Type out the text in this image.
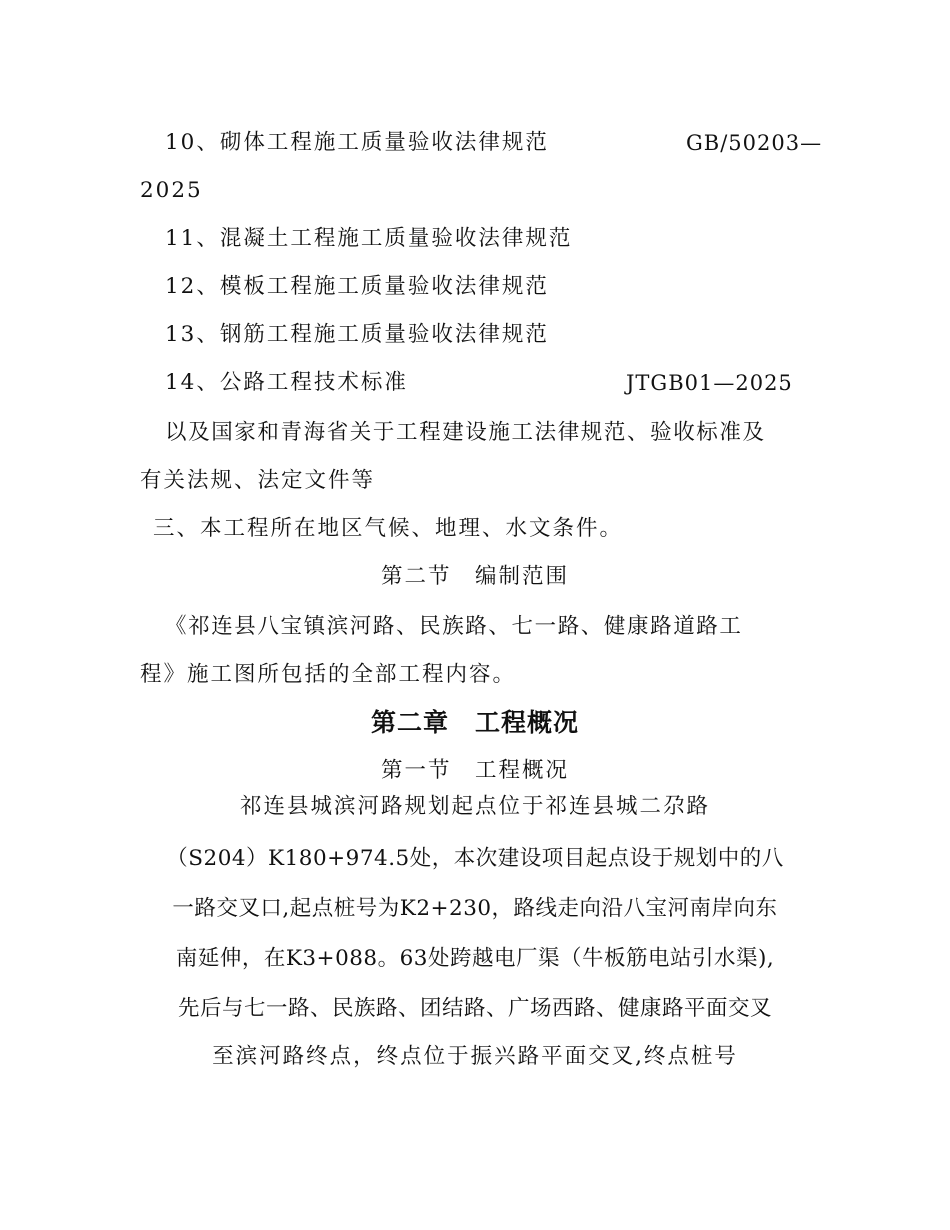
10、砌体工程施工质量验收法律规范	GB/50203—
2025
11、混凝土工程施工质量验收法律规范
12、模板工程施工质量验收法律规范
13、钢筋工程施工质量验收法律规范
14、公路工程技术标准	JTGB01—2025
以及国家和青海省关于工程建设施工法律规范、验收标准及
有关法规、法定文件等
三、本工程所在地区气候、地理、水文条件。
第二节　编制范围
《祁连县八宝镇滨河路、民族路、七一路、健康路道路工
程》施工图所包括的全部工程内容。
第二章　工程概况
第一节　工程概况
祁连县城滨河路规划起点位于祁连县城二尕路
（S204）K180+974.5处，本次建设项目起点设于规划中的八
一路交叉口,起点桩号为K2+230，路线走向沿八宝河南岸向东
南延伸，在K3+088。63处跨越电厂渠（牛板筋电站引水渠),
先后与七一路、民族路、团结路、广场西路、健康路平面交叉
至滨河路终点，终点位于振兴路平面交叉,终点桩号
